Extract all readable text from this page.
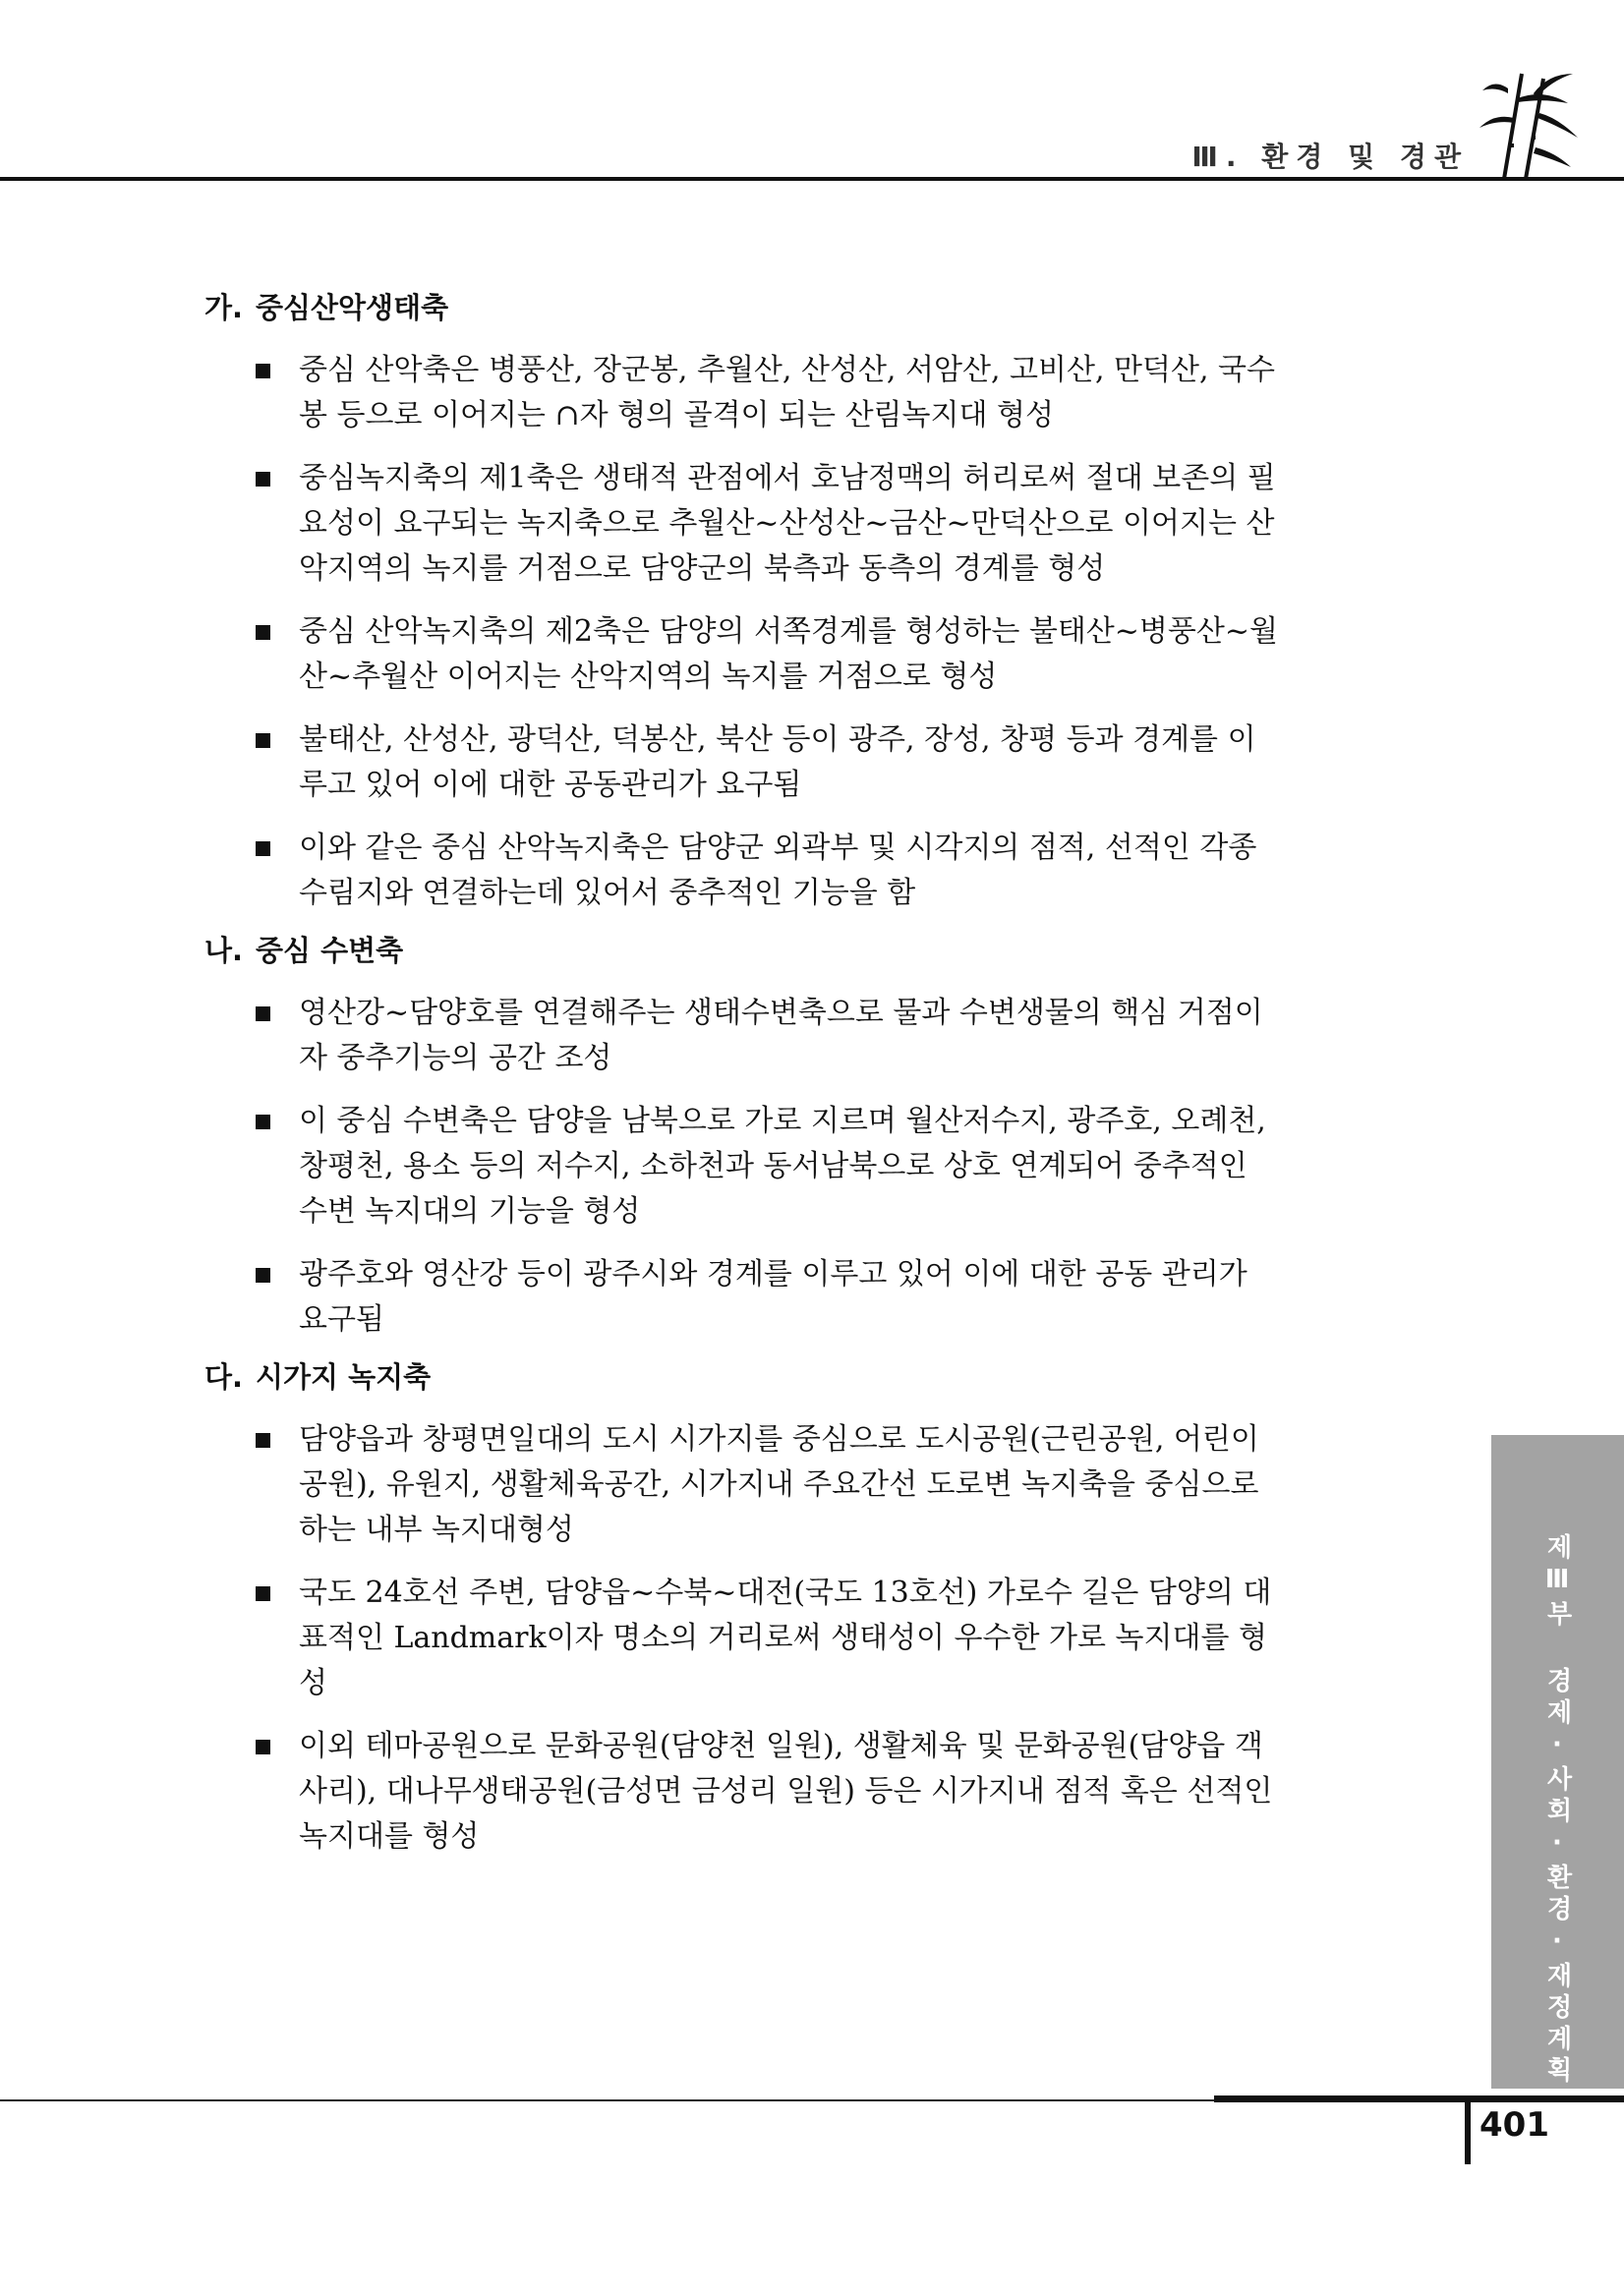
Ⅲ. 환경 및 경관
가. 중심산악생태축
중심 산악축은 병풍산, 장군봉, 추월산, 산성산, 서암산, 고비산, 만덕산, 국수봉 등으로 이어지는 ∩자 형의 골격이 되는 산림녹지대 형성
중심녹지축의 제1축은 생태적 관점에서 호남정맥의 허리로써 절대 보존의 필요성이 요구되는 녹지축으로 추월산~산성산~금산~만덕산으로 이어지는 산악지역의 녹지를 거점으로 담양군의 북측과 동측의 경계를 형성
중심 산악녹지축의 제2축은 담양의 서쪽경계를 형성하는 불태산~병풍산~월산~추월산 이어지는 산악지역의 녹지를 거점으로 형성
불태산, 산성산, 광덕산, 덕봉산, 북산 등이 광주, 장성, 창평 등과 경계를 이루고 있어 이에 대한 공동관리가 요구됨
이와 같은 중심 산악녹지축은 담양군 외곽부 및 시각지의 점적, 선적인 각종 수림지와 연결하는데 있어서 중추적인 기능을 함
나. 중심 수변축
영산강~담양호를 연결해주는 생태수변축으로 물과 수변생물의 핵심 거점이자 중추기능의 공간 조성
이 중심 수변축은 담양을 남북으로 가로 지르며 월산저수지, 광주호, 오례천, 창평천, 용소 등의 저수지, 소하천과 동서남북으로 상호 연계되어 중추적인 수변 녹지대의 기능을 형성
광주호와 영산강 등이 광주시와 경계를 이루고 있어 이에 대한 공동 관리가 요구됨
다. 시가지 녹지축
담양읍과 창평면일대의 도시 시가지를 중심으로 도시공원(근린공원, 어린이공원), 유원지, 생활체육공간, 시가지내 주요간선 도로변 녹지축을 중심으로 하는 내부 녹지대형성
국도 24호선 주변, 담양읍~수북~대전(국도 13호선) 가로수 길은 담양의 대표적인 Landmark이자 명소의 거리로써 생태성이 우수한 가로 녹지대를 형성
이외 테마공원으로 문화공원(담양천 일원), 생활체육 및 문화공원(담양읍 객사리), 대나무생태공원(금성면 금성리 일원) 등은 시가지내 점적 혹은 선적인 녹지대를 형성	제Ⅲ부 경제·사회·환경·재정계획
401
